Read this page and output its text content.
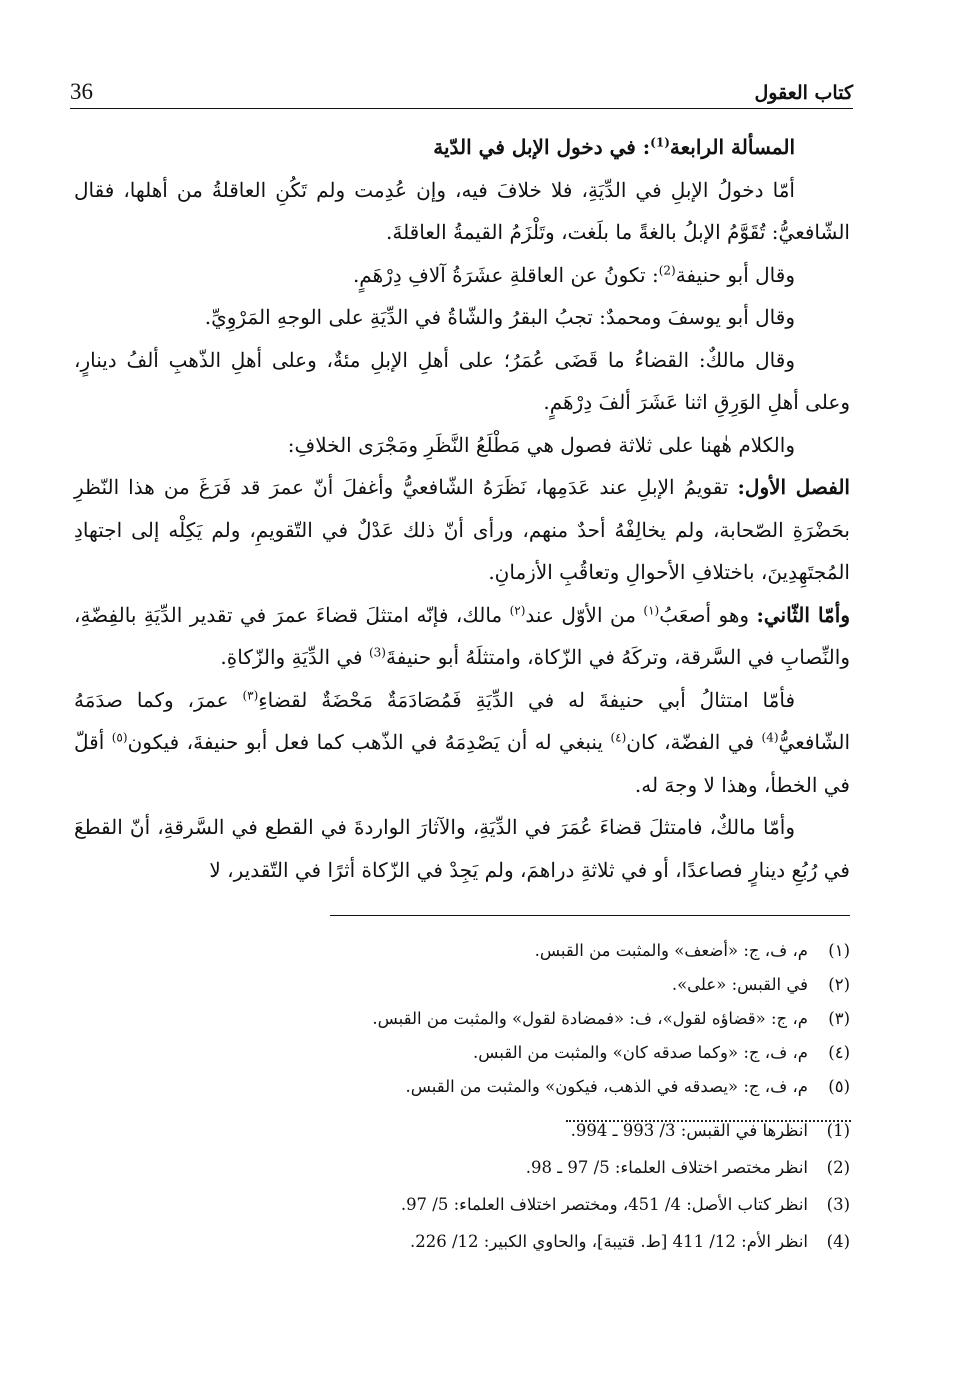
36	كتاب العقول

المسألة الرابعة$^{(1)}$: في دخول الإبل في الدّية

أمّا دخولُ الإبلِ في الدِّيَةِ، فلا خلافَ فيه، وإن عُدِمت ولم تَكُنِ العاقلةُ من أهلها، فقال الشّافعيُّ: تُقَوَّمُ الإبلُ بالغةً ما بلَغت، وتَلْزَمُ القيمةُ العاقلةَ.

وقال أبو حنيفة$^{(2)}$: تكونُ عن العاقلةِ عشَرَةُ آلافِ دِرْهَمٍ.

وقال أبو يوسفَ ومحمدٌ: تجبُ البقرُ والشّاةُ في الدِّيَةِ على الوجهِ المَرْوِيِّ.

وقال مالكٌ: القضاءُ ما قَضَى عُمَرُ؛ على أهلِ الإبلِ مئةٌ، وعلى أهلِ الذّهبِ ألفُ دينارٍ، وعلى أهلِ الوَرِقِ اثنا عَشَرَ ألفَ دِرْهَمٍ.

والكلام هٰهنا على ثلاثة فصول هي مَطْلَعُ النَّظَرِ ومَجْرَى الخلافِ:

الفصل الأول: تقويمُ الإبلِ عند عَدَمِها، نَظَرَهُ الشّافعيُّ وأغفلَ أنّ عمرَ قد فَرَغَ من هذا النّظرِ بحَضْرَةِ الصّحابة، ولم يخالِفْهُ أحدٌ منهم، ورأى أنّ ذلك عَدْلٌ في التّقويمِ، ولم يَكِلْه إلى اجتهادِ المُجتَهِدِينَ، باختلافِ الأحوالِ وتعاقُبِ الأزمانِ.

وأمّا الثّاني: وهو أصعَبُ$^{(١)}$ من الأوّل عند$^{(٢)}$ مالك، فإنّه امتثلَ قضاءَ عمرَ في تقدير الدِّيَةِ بالفِضّةِ، والنِّصابِ في السَّرقة، وتركَهُ في الزّكاة، وامتثلَهُ أبو حنيفةَ$^{(3)}$ في الدِّيَةِ والزّكاةِ.

فأمّا امتثالُ أبي حنيفةَ له في الدِّيَةِ فَمُصَادَمَةٌ مَحْضَةٌ لقضاءِ$^{(٣)}$ عمرَ، وكما صدَمَهُ الشّافعيُّ$^{(4)}$ في الفضّة، كان$^{(٤)}$ ينبغي له أن يَصْدِمَهُ في الذّهب كما فعل أبو حنيفةَ، فيكون$^{(٥)}$ أقلّ في الخطأ، وهذا لا وجهَ له.

وأمّا مالكٌ، فامتثلَ قضاءَ عُمَرَ في الدِّيَةِ، والآثارَ الواردةَ في القطع في السَّرقةِ، أنّ القطعَ في رُبُعِ دينارٍ فصاعدًا، أو في ثلاثةِ دراهمَ، ولم يَجِدْ في الزّكاة أثرًا في التّقدير، لا

(١)
م، ف، ج: «أضعف» والمثبت من القبس.
(٢)
في القبس: «على».
(٣)
م، ج: «قضاؤه لقول»، ف: «فمضادة لقول» والمثبت من القبس.
(٤)
م، ف، ج: «وكما صدقه كان» والمثبت من القبس.
(٥)
م، ف، ج: «يصدقه في الذهب، فيكون» والمثبت من القبس.
(1)
انظرها في القبس: 3/ 993 ـ 994.
(2)
انظر مختصر اختلاف العلماء: 5/ 97 ـ 98.
(3)
انظر كتاب الأصل: 4/ 451، ومختصر اختلاف العلماء: 5/ 97.
(4)
انظر الأم: 12/ 411 [ط. قتيبة]، والحاوي الكبير: 12/ 226.
